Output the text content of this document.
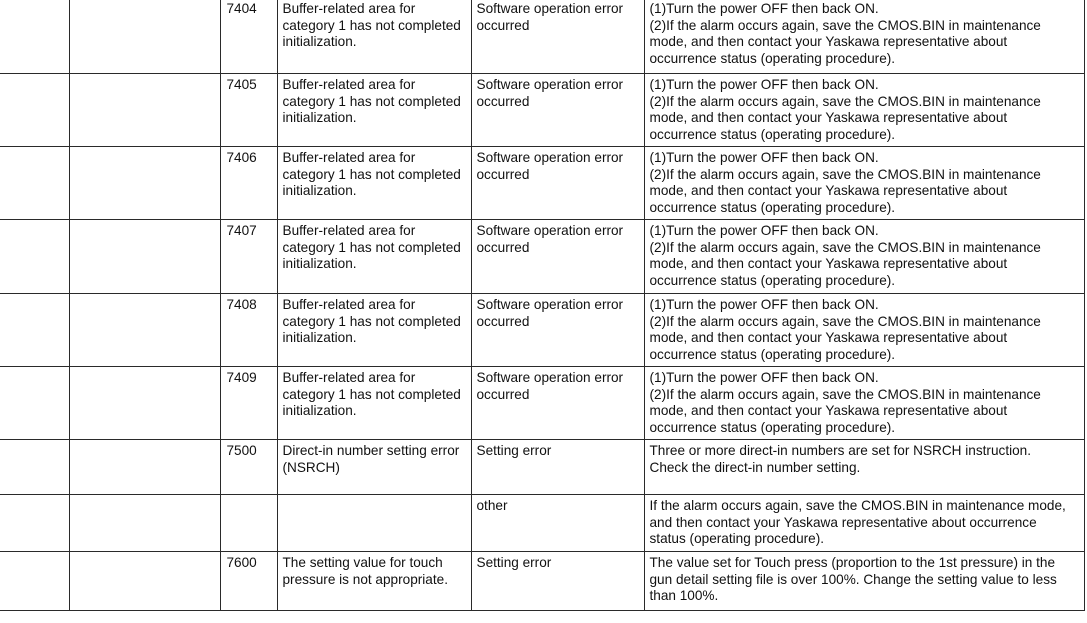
		7404	Buffer-related area for
category 1 has not completed
initialization.	Software operation error
occurred	(1)Turn the power OFF then back ON.
(2)If the alarm occurs again, save the CMOS.BIN in maintenance
mode, and then contact your Yaskawa representative about
occurrence status (operating procedure).

		7405	Buffer-related area for
category 1 has not completed
initialization.	Software operation error
occurred	(1)Turn the power OFF then back ON.
(2)If the alarm occurs again, save the CMOS.BIN in maintenance
mode, and then contact your Yaskawa representative about
occurrence status (operating procedure).

		7406	Buffer-related area for
category 1 has not completed
initialization.	Software operation error
occurred	(1)Turn the power OFF then back ON.
(2)If the alarm occurs again, save the CMOS.BIN in maintenance
mode, and then contact your Yaskawa representative about
occurrence status (operating procedure).

		7407	Buffer-related area for
category 1 has not completed
initialization.	Software operation error
occurred	(1)Turn the power OFF then back ON.
(2)If the alarm occurs again, save the CMOS.BIN in maintenance
mode, and then contact your Yaskawa representative about
occurrence status (operating procedure).

		7408	Buffer-related area for
category 1 has not completed
initialization.	Software operation error
occurred	(1)Turn the power OFF then back ON.
(2)If the alarm occurs again, save the CMOS.BIN in maintenance
mode, and then contact your Yaskawa representative about
occurrence status (operating procedure).

		7409	Buffer-related area for
category 1 has not completed
initialization.	Software operation error
occurred	(1)Turn the power OFF then back ON.
(2)If the alarm occurs again, save the CMOS.BIN in maintenance
mode, and then contact your Yaskawa representative about
occurrence status (operating procedure).

		7500	Direct-in number setting error
(NSRCH)	Setting error	Three or more direct-in numbers are set for NSRCH instruction.
Check the direct-in number setting.

				other	If the alarm occurs again, save the CMOS.BIN in maintenance mode,
and then contact your Yaskawa representative about occurrence
status (operating procedure).

		7600	The setting value for touch
pressure is not appropriate.	Setting error	The value set for Touch press (proportion to the 1st pressure) in the
gun detail setting file is over 100%. Change the setting value to less
than 100%.
